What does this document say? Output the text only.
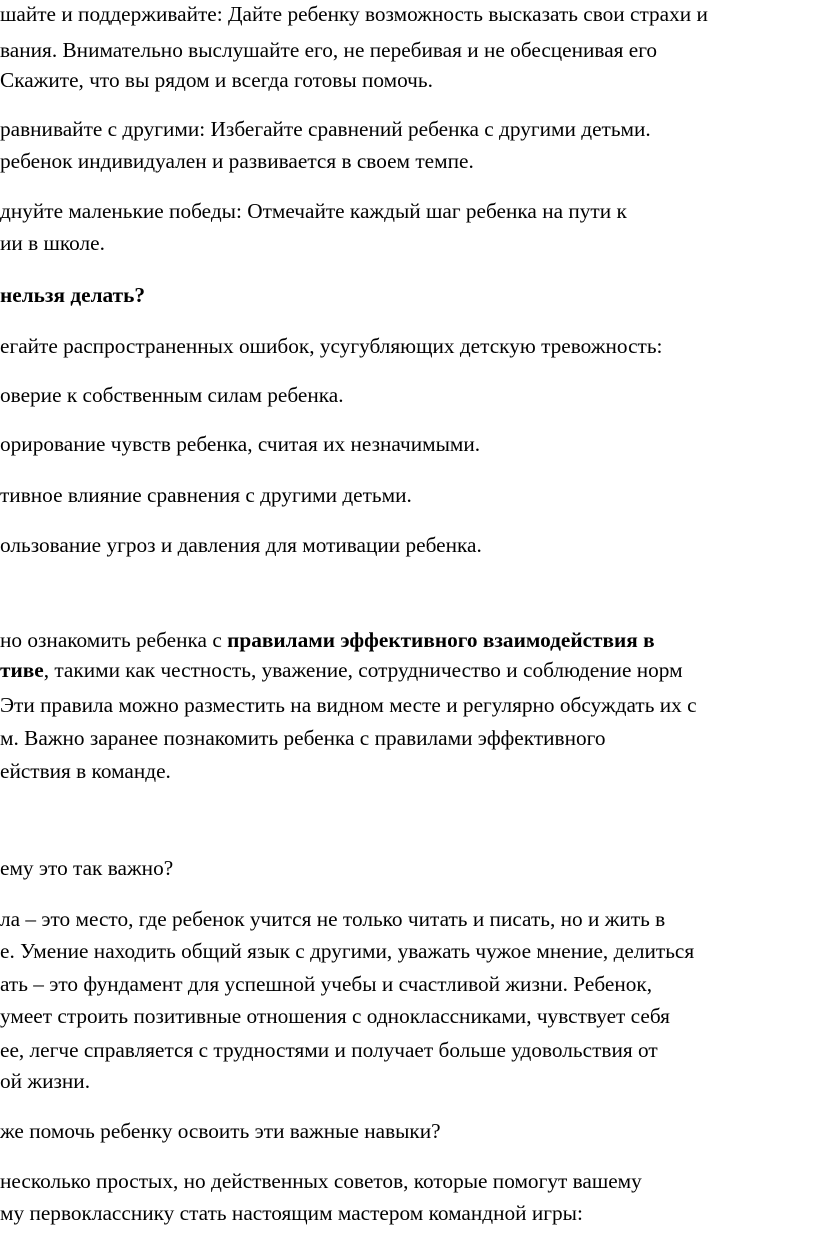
шайте и поддерживайте: Дайте ребенку возможность высказать свои страхи и
вания. Внимательно выслушайте его, не перебивая и не обесценивая его
Скажите, что вы рядом и всегда готовы помочь.
равнивайте с другими: Избегайте сравнений ребенка с другими детьми.
ребенок индивидуален и развивается в своем темпе.
днуйте маленькие победы: Отмечайте каждый шаг ребенка на пути к
ии в школе.
нельзя делать?
егайте распространенных ошибок, усугубляющих детскую тревожность:
оверие к собственным силам ребенка.
орирование чувств ребенка, считая их незначимыми.
тивное влияние сравнения с другими детьми.
ользование угроз и давления для мотивации ребенка.
но ознакомить ребенка с правилами эффективного взаимодействия в
тиве, такими как честность, уважение, сотрудничество и соблюдение норм
Эти правила можно разместить на видном месте и регулярно обсуждать их с
м. Важно заранее познакомить ребенка с правилами эффективного
ействия в команде.
ему это так важно?
ла – это место, где ребенок учится не только читать и писать, но и жить в
е. Умение находить общий язык с другими, уважать чужое мнение, делиться
ать – это фундамент для успешной учебы и счастливой жизни. Ребенок,
умеет строить позитивные отношения с одноклассниками, чувствует себя
ее, легче справляется с трудностями и получает больше удовольствия от
ой жизни.
же помочь ребенку освоить эти важные навыки?
несколько простых, но действенных советов, которые помогут вашему
му первокласснику стать настоящим мастером командной игры:
